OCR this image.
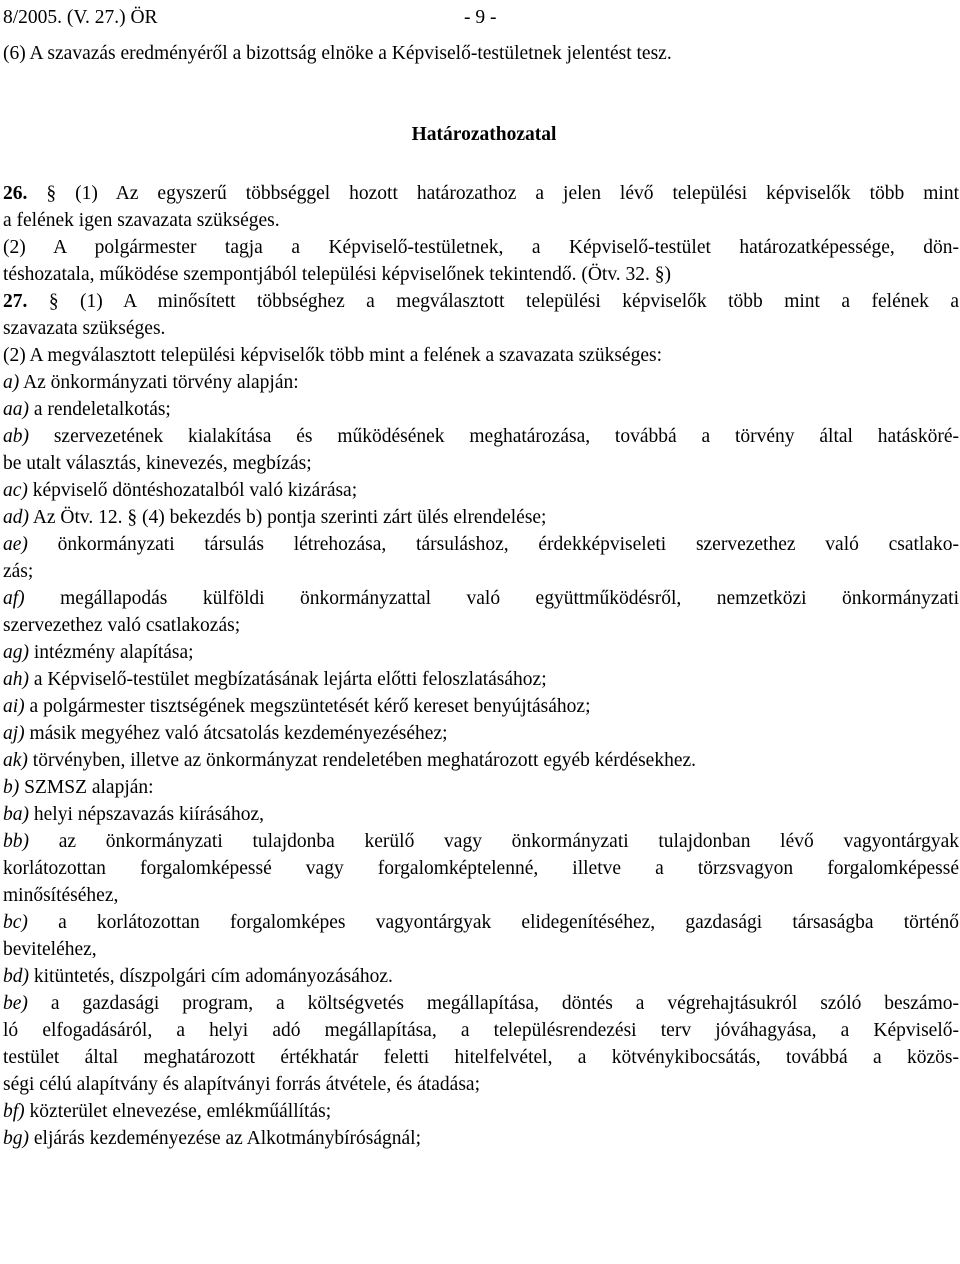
8/2005. (V. 27.) ÖR	- 9 -
(6) A szavazás eredményéről a bizottság elnöke a Képviselő-testületnek jelentést tesz.
Határozathozatal
26. § (1) Az egyszerű többséggel hozott határozathoz a jelen lévő települési képviselők több mint
a felének igen szavazata szükséges.
(2) A polgármester tagja a Képviselő-testületnek, a Képviselő-testület határozatképessége, dön-
téshozatala, működése szempontjából települési képviselőnek tekintendő. (Ötv. 32. §)
27. § (1) A minősített többséghez a megválasztott települési képviselők több mint a felének a
szavazata szükséges.
(2) A megválasztott települési képviselők több mint a felének a szavazata szükséges:
a) Az önkormányzati törvény alapján:
aa) a rendeletalkotás;
ab) szervezetének kialakítása és működésének meghatározása, továbbá a törvény által hatásköré-
be utalt választás, kinevezés, megbízás;
ac) képviselő döntéshozatalból való kizárása;
ad) Az Ötv. 12. § (4) bekezdés b) pontja szerinti zárt ülés elrendelése;
ae) önkormányzati társulás létrehozása, társuláshoz, érdekképviseleti szervezethez való csatlako-
zás;
af) megállapodás külföldi önkormányzattal való együttműködésről, nemzetközi önkormányzati
szervezethez való csatlakozás;
ag) intézmény alapítása;
ah) a Képviselő-testület megbízatásának lejárta előtti feloszlatásához;
ai) a polgármester tisztségének megszüntetését kérő kereset benyújtásához;
aj) másik megyéhez való átcsatolás kezdeményezéséhez;
ak) törvényben, illetve az önkormányzat rendeletében meghatározott egyéb kérdésekhez.
b) SZMSZ alapján:
ba) helyi népszavazás kiírásához,
bb) az önkormányzati tulajdonba kerülő vagy önkormányzati tulajdonban lévő vagyontárgyak
korlátozottan forgalomképessé vagy forgalomképtelenné, illetve a törzsvagyon forgalomképessé
minősítéséhez,
bc) a korlátozottan forgalomképes vagyontárgyak elidegenítéséhez, gazdasági társaságba történő
beviteléhez,
bd) kitüntetés, díszpolgári cím adományozásához.
be) a gazdasági program, a költségvetés megállapítása, döntés a végrehajtásukról szóló beszámo-
ló elfogadásáról, a helyi adó megállapítása, a településrendezési terv jóváhagyása, a Képviselő-
testület által meghatározott értékhatár feletti hitelfelvétel, a kötvénykibocsátás, továbbá a közös-
ségi célú alapítvány és alapítványi forrás átvétele, és átadása;
bf) közterület elnevezése, emlékműállítás;
bg) eljárás kezdeményezése az Alkotmánybíróságnál;
